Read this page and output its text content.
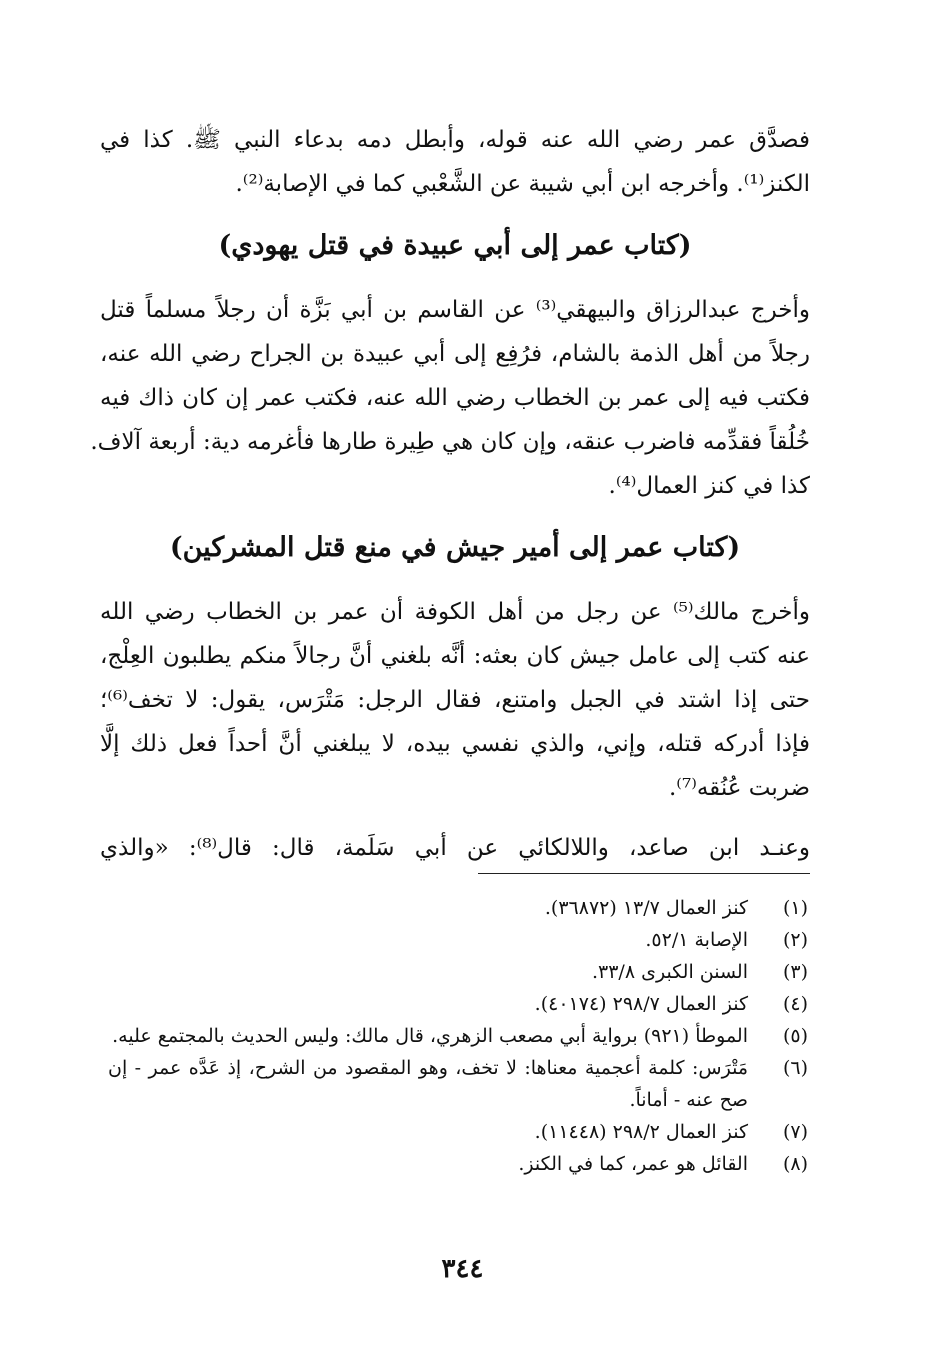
فصدَّق عمر رضي الله عنه قوله، وأبطل دمه بدعاء النبي ﷺ. كذا في
الكنز⁽¹⁾. وأخرجه ابن أبي شيبة عن الشَّعْبي كما في الإصابة⁽²⁾.

(كتاب عمر إلى أبي عبيدة في قتل يهودي)

وأخرج عبدالرزاق والبيهقي⁽³⁾ عن القاسم بن أبي بَزَّة أن رجلاً مسلماً قتل
رجلاً من أهل الذمة بالشام، فرُفِع إلى أبي عبيدة بن الجراح رضي الله عنه،
فكتب فيه إلى عمر بن الخطاب رضي الله عنه، فكتب عمر إن كان ذاك فيه
خُلُقاً فقدِّمه فاضرب عنقه، وإن كان هي طِيرة طارها فأغرمه دية: أربعة آلاف.
كذا في كنز العمال⁽⁴⁾.

(كتاب عمر إلى أمير جيش في منع قتل المشركين)

وأخرج مالك⁽⁵⁾ عن رجل من أهل الكوفة أن عمر بن الخطاب رضي الله
عنه كتب إلى عامل جيش كان بعثه: أنَّه بلغني أنَّ رجالاً منكم يطلبون العِلْج،
حتى إذا اشتد في الجبل وامتنع، فقال الرجل: مَتْرَس، يقول: لا تخف⁽⁶⁾؛
فإذا أدركه قتله، وإني، والذي نفسي بيده، لا يبلغني أنَّ أحداً فعل ذلك إلَّا
ضربت عُنُقه⁽⁷⁾.

وعنـد ابن صاعد، واللالكائي عن أبي سَلَمة، قال: قال⁽⁸⁾: «والذي

(١)
كنز العمال ١٣/٧ (٣٦٨٧٢).
(٢)
الإصابة ٥٢/١.
(٣)
السنن الكبرى ٣٣/٨.
(٤)
كنز العمال ٢٩٨/٧ (٤٠١٧٤).
(٥)
الموطأ (٩٢١) برواية أبي مصعب الزهري، قال مالك: وليس الحديث بالمجتمع عليه.
(٦)
مَتْرَس: كلمة أعجمية معناها: لا تخف، وهو المقصود من الشرح، إذ عَدَّه عمر - إن صح عنه - أماناً.
(٧)
كنز العمال ٢٩٨/٢ (١١٤٤٨).
(٨)
القائل هو عمر، كما في الكنز.
٣٤٤
